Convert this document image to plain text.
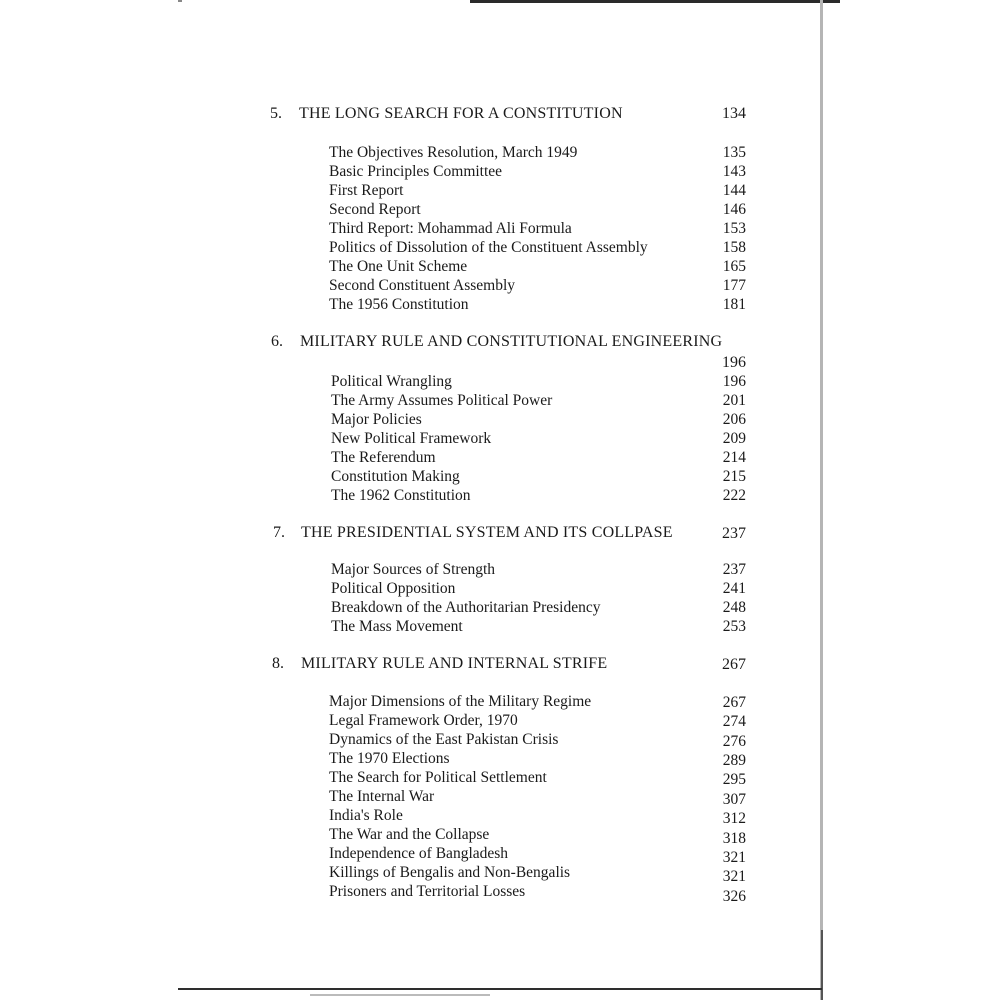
5. THE LONG SEARCH FOR A CONSTITUTION	134
The Objectives Resolution, March 1949	135
Basic Principles Committee	143
First Report	144
Second Report	146
Third Report: Mohammad Ali Formula	153
Politics of Dissolution of the Constituent Assembly	158
The One Unit Scheme	165
Second Constituent Assembly	177
The 1956 Constitution	181
6. MILITARY RULE AND CONSTITUTIONAL ENGINEERING
196
Political Wrangling	196
The Army Assumes Political Power	201
Major Policies	206
New Political Framework	209
The Referendum	214
Constitution Making	215
The 1962 Constitution	222
7. THE PRESIDENTIAL SYSTEM AND ITS COLLPASE	237
Major Sources of Strength	237
Political Opposition	241
Breakdown of the Authoritarian Presidency	248
The Mass Movement	253
8. MILITARY RULE AND INTERNAL STRIFE	267
Major Dimensions of the Military Regime	267
Legal Framework Order, 1970	274
Dynamics of the East Pakistan Crisis	276
The 1970 Elections	289
The Search for Political Settlement	295
The Internal War	307
India's Role	312
The War and the Collapse	318
Independence of Bangladesh	321
Killings of Bengalis and Non-Bengalis	321
Prisoners and Territorial Losses	326
